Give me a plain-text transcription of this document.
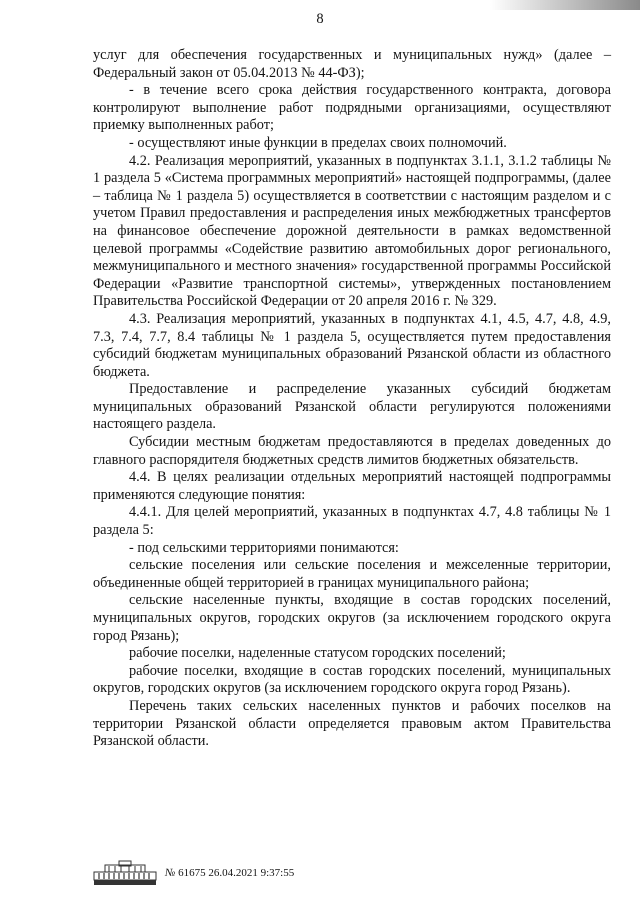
8

услуг для обеспечения государственных и муниципальных нужд» (далее – Федеральный закон от 05.04.2013 № 44-ФЗ);

- в течение всего срока действия государственного контракта, договора контролируют выполнение работ подрядными организациями, осуществляют приемку выполненных работ;

- осуществляют иные функции в пределах своих полномочий.

4.2. Реализация мероприятий, указанных в подпунктах 3.1.1, 3.1.2 таблицы № 1 раздела 5 «Система программных мероприятий» настоящей подпрограммы, (далее – таблица № 1 раздела 5) осуществляется в соответствии с настоящим разделом и с учетом Правил предоставления и распределения иных межбюджетных трансфертов на финансовое обеспечение дорожной деятельности в рамках ведомственной целевой программы «Содействие развитию автомобильных дорог регионального, межмуниципального и местного значения» государственной программы Российской Федерации «Развитие транспортной системы», утвержденных постановлением Правительства Российской Федерации от 20 апреля 2016 г. № 329.

4.3. Реализация мероприятий, указанных в подпунктах 4.1, 4.5, 4.7, 4.8, 4.9, 7.3, 7.4, 7.7, 8.4 таблицы № 1 раздела 5, осуществляется путем предоставления субсидий бюджетам муниципальных образований Рязанской области из областного бюджета.

Предоставление и распределение указанных субсидий бюджетам муниципальных образований Рязанской области регулируются положениями настоящего раздела.

Субсидии местным бюджетам предоставляются в пределах доведенных до главного распорядителя бюджетных средств лимитов бюджетных обязательств.

4.4. В целях реализации отдельных мероприятий настоящей подпрограммы применяются следующие понятия:

4.4.1. Для целей мероприятий, указанных в подпунктах 4.7, 4.8 таблицы № 1 раздела 5:

- под сельскими территориями понимаются:

сельские поселения или сельские поселения и межселенные территории, объединенные общей территорией в границах муниципального района;

сельские населенные пункты, входящие в состав городских поселений, муниципальных округов, городских округов (за исключением городского округа город Рязань);

рабочие поселки, наделенные статусом городских поселений;

рабочие поселки, входящие в состав городских поселений, муниципальных округов, городских округов (за исключением городского округа город Рязань).

Перечень таких сельских населенных пунктов и рабочих поселков на территории Рязанской области определяется правовым актом Правительства Рязанской области.

№ 61675 26.04.2021 9:37:55
